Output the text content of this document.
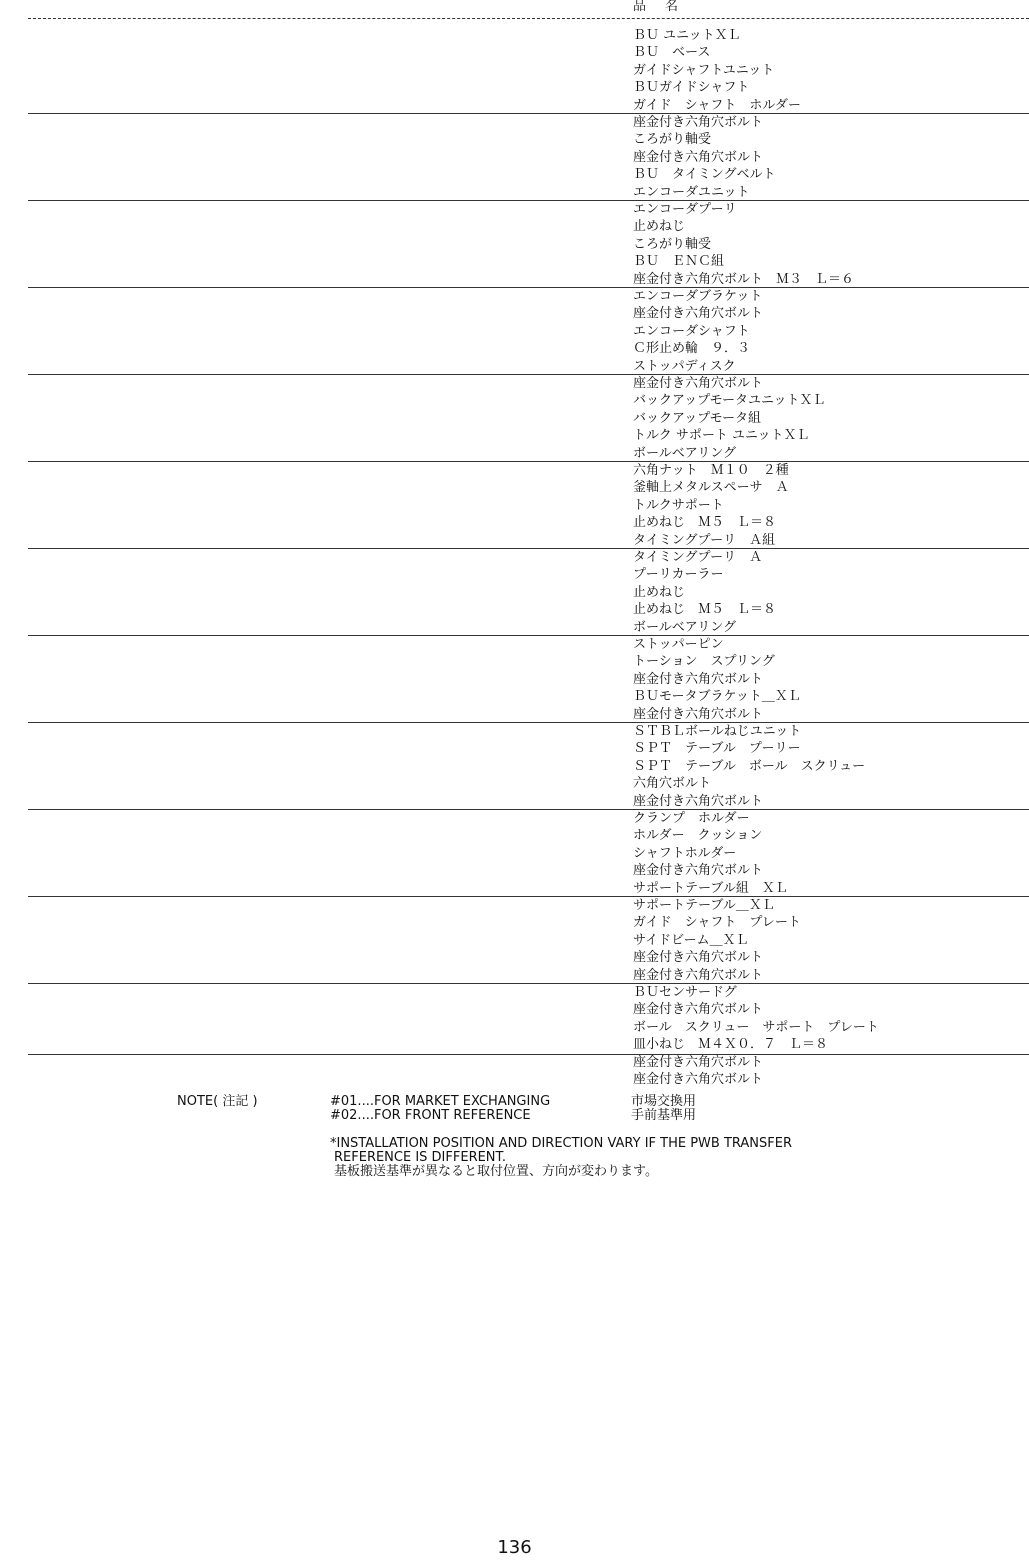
品　名
ＢＵ ユニットＸＬ
ＢＵ　ベース
ガイドシャフトユニット
ＢＵガイドシャフト
ガイド　シャフト　ホルダー
座金付き六角穴ボルト
ころがり軸受
座金付き六角穴ボルト
ＢＵ　タイミングベルト
エンコーダユニット
エンコーダプーリ
止めねじ
ころがり軸受
ＢＵ　ＥＮＣ組
座金付き六角穴ボルト　Ｍ３　Ｌ＝６
エンコーダブラケット
座金付き六角穴ボルト
エンコーダシャフト
Ｃ形止め輪　９．３
ストッパディスク
座金付き六角穴ボルト
バックアップモータユニットＸＬ
バックアップモータ組
トルク サポート ユニットＸＬ
ボールベアリング
六角ナット　Ｍ１０　２種
釜軸上メタルスペーサ　Ａ
トルクサポート
止めねじ　Ｍ５　Ｌ＝８
タイミングプーリ　Ａ組
タイミングプーリ　Ａ
プーリカーラー
止めねじ
止めねじ　Ｍ５　Ｌ＝８
ボールベアリング
ストッパーピン
トーション　スプリング
座金付き六角穴ボルト
ＢＵモータブラケット＿ＸＬ
座金付き六角穴ボルト
ＳＴＢＬボールねじユニット
ＳＰＴ　テーブル　プーリー
ＳＰＴ　テーブル　ボール　スクリュー
六角穴ボルト
座金付き六角穴ボルト
クランプ　ホルダー
ホルダー　クッション
シャフトホルダー
座金付き六角穴ボルト
サポートテーブル組　ＸＬ
サポートテーブル＿ＸＬ
ガイド　シャフト　プレート
サイドビーム＿ＸＬ
座金付き六角穴ボルト
座金付き六角穴ボルト
ＢＵセンサードグ
座金付き六角穴ボルト
ボール　スクリュー　サポート　プレート
皿小ねじ　Ｍ４Ｘ０．７　Ｌ＝８
座金付き六角穴ボルト
座金付き六角穴ボルト
NOTE( 注記 )	#01....FOR MARKET EXCHANGING	市場交換用
#02....FOR FRONT REFERENCE	手前基準用
*INSTALLATION POSITION AND DIRECTION VARY IF THE PWB TRANSFER
REFERENCE IS DIFFERENT.
基板搬送基準が異なると取付位置、方向が変わります。
136
